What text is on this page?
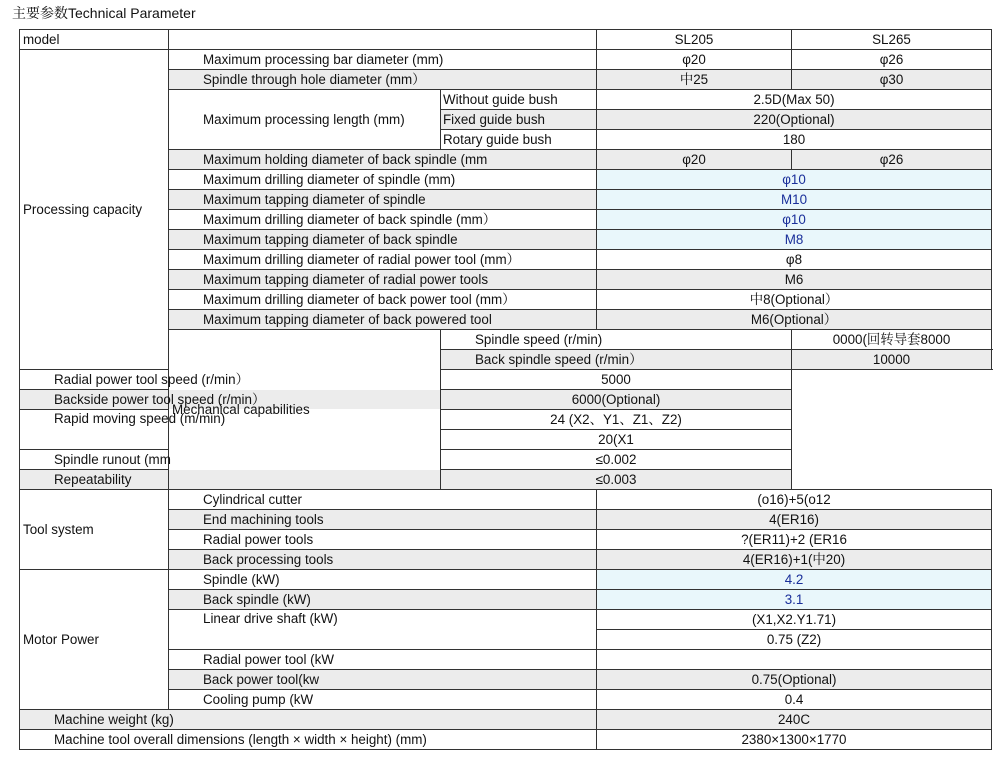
主要参数Technical Parameter
model			SL205	SL265
Processing capacity	Maximum processing bar diameter (mm)		φ20	φ26
	Spindle through hole diameter (mm）		中25	φ30
	Maximum processing length (mm)	Without guide bush	2.5D(Max 50)	
		Fixed guide bush	220(Optional)	
		Rotary guide bush	180	
	Maximum holding diameter of back spindle (mm		φ20	φ26
	Maximum drilling diameter of spindle (mm)		φ10	
	Maximum tapping diameter of spindle		M10	
	Maximum drilling diameter of back spindle (mm）		φ10	
	Maximum tapping diameter of back spindle		M8	
	Maximum drilling diameter of radial power tool (mm）		φ8	
	Maximum tapping diameter of radial power tools		M6	
	Maximum drilling diameter of back power tool (mm）		中8(Optional）	
	Maximum tapping diameter of back powered tool		M6(Optional）	
	Mechanical capabilities	Spindle speed (r/min)		0000(回转导套8000
		Back spindle speed (r/min）		10000
Radial power tool speed (r/min）		5000		
Backside power tool speed (r/min）		6000(Optional)		
Rapid moving speed (m/min)		24 (X2、Y1、Z1、Z2)		
		20(X1		
Spindle runout (mm		≤0.002		
Repeatability		≤0.003		
Tool system	Cylindrical cutter		(o16)+5(o12	
	End machining tools		4(ER16)	
	Radial power tools		?(ER11)+2 (ER16	
	Back processing tools		4(ER16)+1(中20)	
Motor Power	Spindle (kW)		4.2	
	Back spindle (kW)		3.1	
	Linear drive shaft (kW)		(X1,X2.Y1.71)	
			0.75 (Z2)	
	Radial power tool (kW			
	Back power tool(kw		0.75(Optional)	
	Cooling pump (kW		0.4	
Machine weight (kg)			240C	
Machine tool overall dimensions (length × width × height) (mm)			2380×1300×1770	
